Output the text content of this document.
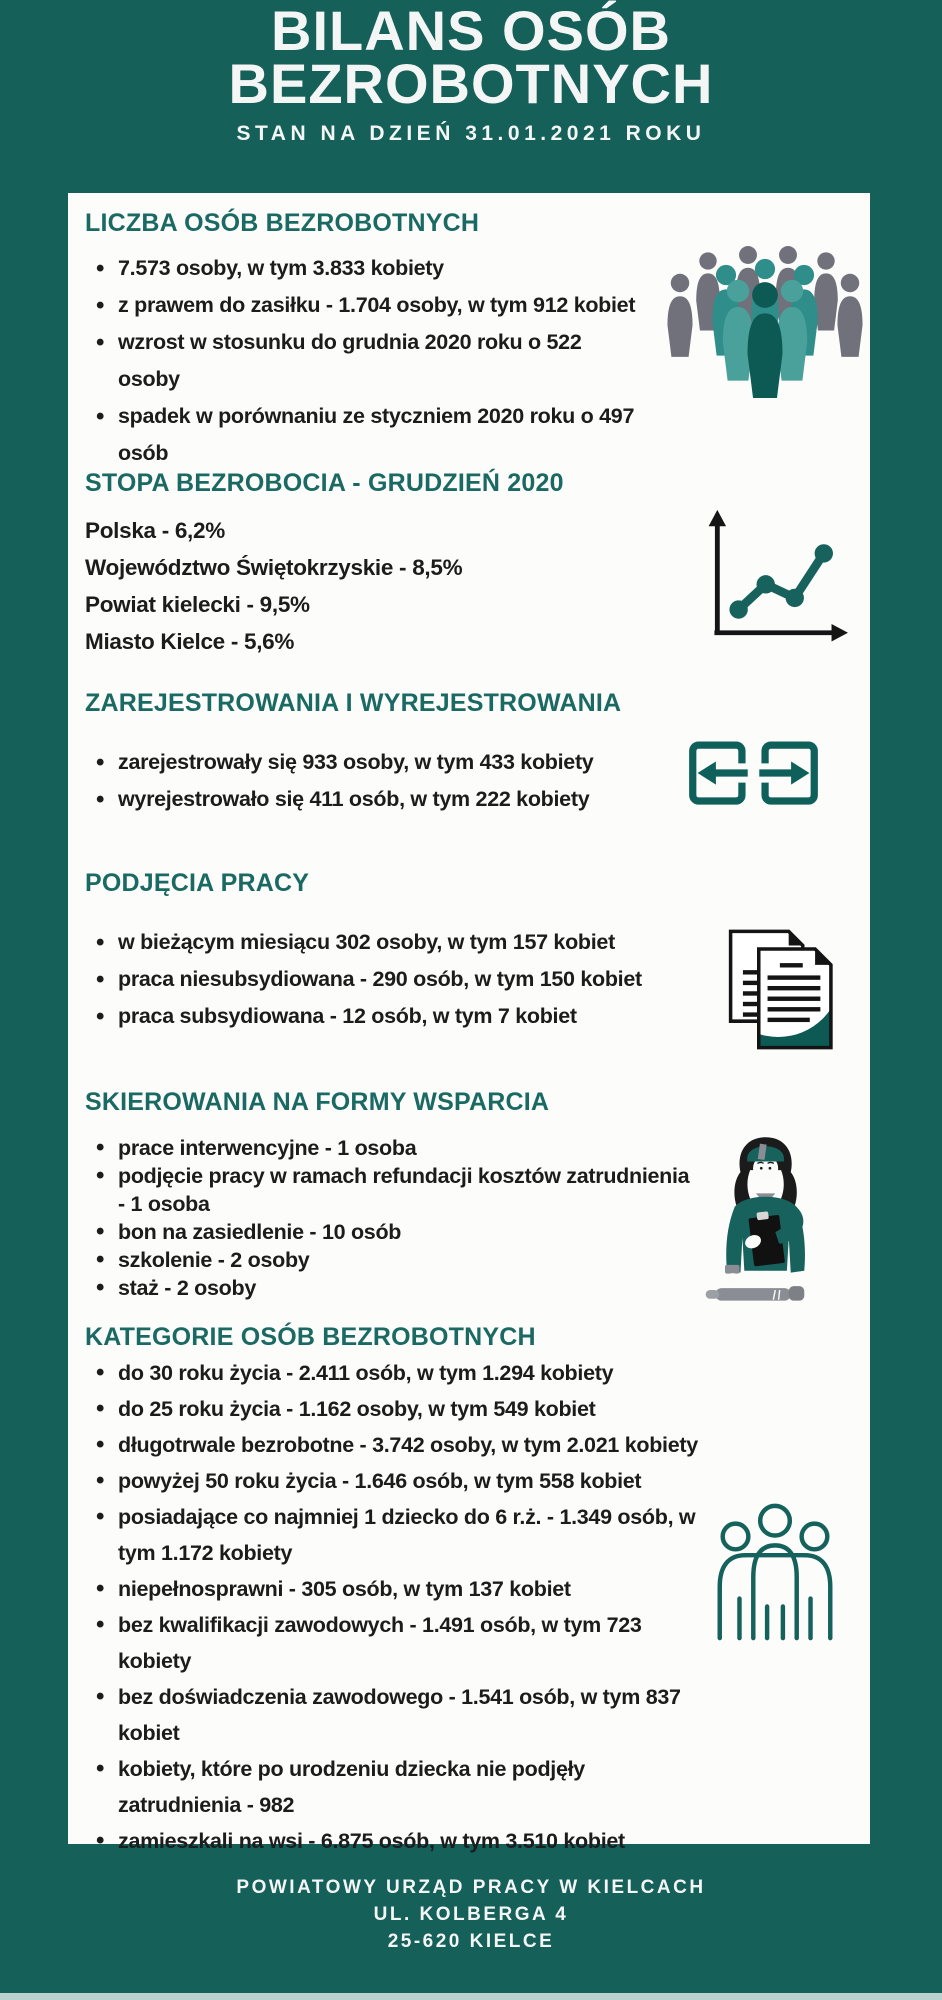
BILANS OSÓB
BEZROBOTNYCH
STAN NA DZIEŃ 31.01.2021 ROKU
LICZBA OSÓB BEZROBOTNYCH
• 7.573 osoby, w tym 3.833 kobiety
• z prawem do zasiłku - 1.704 osoby, w tym 912 kobiet
• wzrost w stosunku do grudnia 2020 roku o 522 osoby
• spadek w porównaniu ze styczniem 2020 roku o 497 osób
STOPA BEZROBOCIA - GRUDZIEŃ 2020
Polska - 6,2%
Województwo Świętokrzyskie - 8,5%
Powiat kielecki - 9,5%
Miasto Kielce - 5,6%
ZAREJESTROWANIA I WYREJESTROWANIA
• zarejestrowały się 933 osoby, w tym 433 kobiety
• wyrejestrowało się 411 osób, w tym 222 kobiety
PODJĘCIA PRACY
• w bieżącym miesiącu 302 osoby, w tym 157 kobiet
• praca niesubsydiowana - 290 osób, w tym 150 kobiet
• praca subsydiowana - 12 osób, w tym 7 kobiet
SKIEROWANIA NA FORMY WSPARCIA
• prace interwencyjne - 1 osoba
• podjęcie pracy w ramach refundacji kosztów zatrudnienia - 1 osoba
• bon na zasiedlenie - 10 osób
• szkolenie - 2 osoby
• staż - 2 osoby
KATEGORIE OSÓB BEZROBOTNYCH
• do 30 roku życia - 2.411 osób, w tym 1.294 kobiety
• do 25 roku życia - 1.162 osoby, w tym 549 kobiet
• długotrwale bezrobotne - 3.742 osoby, w tym 2.021 kobiety
• powyżej 50 roku życia - 1.646 osób, w tym 558 kobiet
• posiadające co najmniej 1 dziecko do 6 r.ż. - 1.349 osób, w tym 1.172 kobiety
• niepełnosprawni - 305 osób, w tym 137 kobiet
• bez kwalifikacji zawodowych - 1.491 osób, w tym 723 kobiety
• bez doświadczenia zawodowego - 1.541 osób, w tym 837 kobiet
• kobiety, które po urodzeniu dziecka nie podjęły zatrudnienia - 982
• zamieszkali na wsi - 6.875 osób, w tym 3.510 kobiet
POWIATOWY URZĄD PRACY W KIELCACH
UL. KOLBERGA 4
25-620 KIELCE
